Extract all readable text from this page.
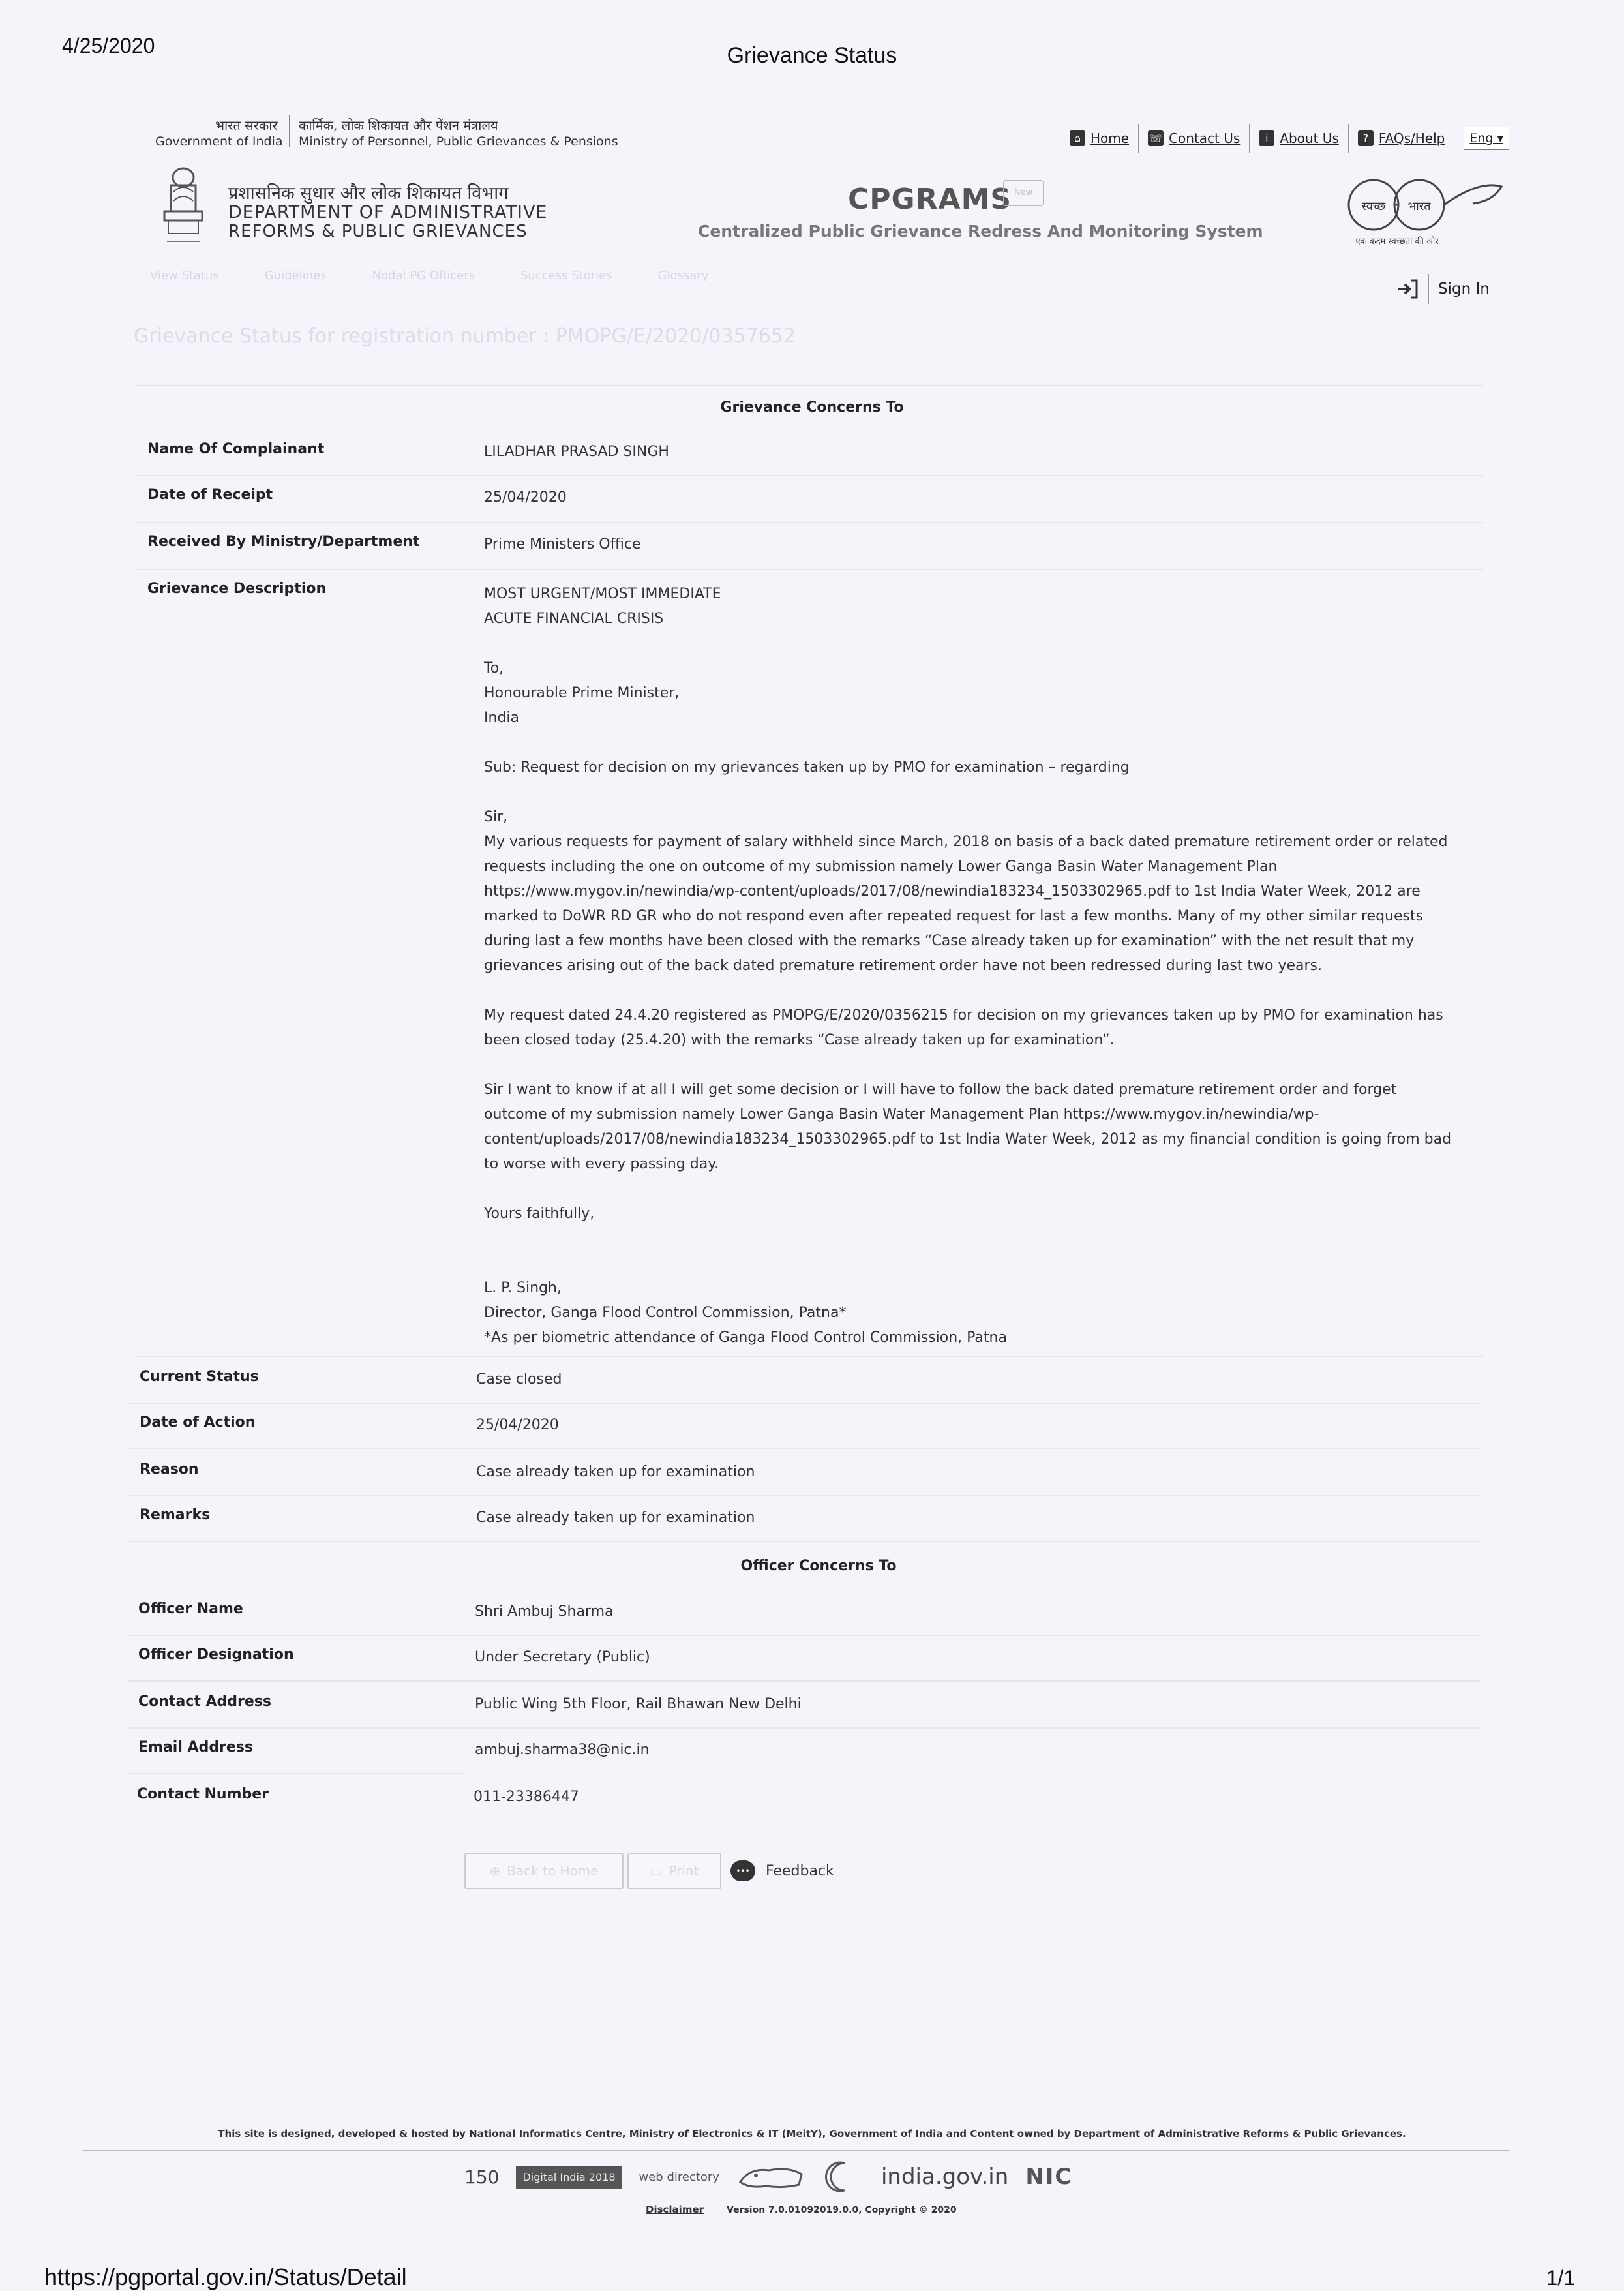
4/25/2020	Grievance Status
भारत सरकार
Government of India
कार्मिक, लोक शिकायत और पेंशन मंत्रालय
Ministry of Personnel, Public Grievances & Pensions	⌂ Home ☏ Contact Us	i About Us	? FAQs/Help	Eng ▾
प्रशासनिक सुधार और लोक शिकायत विभाग
DEPARTMENT OF ADMINISTRATIVE
REFORMS & PUBLIC GRIEVANCES
CPGRAMS New
Centralized Public Grievance Redress And Monitoring System
स्वच्छ भारत
एक कदम स्वच्छता की ओर
View Status	Guidelines	Nodal PG Officers	Success Stories	Glossary
Sign In
Grievance Status for registration number : PMOPG/E/2020/0357652
Grievance Concerns To
Name Of Complainant	LILADHAR PRASAD SINGH
Date of Receipt	25/04/2020
Received By Ministry/Department	Prime Ministers Office
Grievance Description	MOST URGENT/MOST IMMEDIATE

ACUTE FINANCIAL CRISIS

To,

Honourable Prime Minister,

India

Sub: Request for decision on my grievances taken up by PMO for examination – regarding

Sir,

My various requests for payment of salary withheld since March, 2018 on basis of a back dated premature retirement order or related requests including the one on outcome of my submission namely Lower Ganga Basin Water Management Plan https://www.mygov.in/newindia/wp-content/uploads/2017/08/newindia183234_1503302965.pdf to 1st India Water Week, 2012 are marked to DoWR RD GR who do not respond even after repeated request for last a few months. Many of my other similar requests during last a few months have been closed with the remarks “Case already taken up for examination” with the net result that my grievances arising out of the back dated premature retirement order have not been redressed during last two years.

My request dated 24.4.20 registered as PMOPG/E/2020/0356215 for decision on my grievances taken up by PMO for examination has been closed today (25.4.20) with the remarks “Case already taken up for examination”.

Sir I want to know if at all I will get some decision or I will have to follow the back dated premature retirement order and forget outcome of my submission namely Lower Ganga Basin Water Management Plan https://www.mygov.in/newindia/wp-content/uploads/2017/08/newindia183234_1503302965.pdf to 1st India Water Week, 2012 as my financial condition is going from bad to worse with every passing day.

Yours faithfully,

L. P. Singh,

Director, Ganga Flood Control Commission, Patna*

*As per biometric attendance of Ganga Flood Control Commission, Patna

Current Status	Case closed
Date of Action	25/04/2020
Reason	Case already taken up for examination
Remarks	Case already taken up for examination
Officer Concerns To
Officer Name	Shri Ambuj Sharma
Officer Designation	Under Secretary (Public)
Contact Address	Public Wing 5th Floor, Rail Bhawan New Delhi
Email Address	ambuj.sharma38@nic.in
Contact Number	011-23386447
⊕ Back to Home	▭ Print	•••	Feedback
This site is designed, developed & hosted by National Informatics Centre, Ministry of Electronics & IT (MeitY), Government of India and Content owned by Department of Administrative Reforms & Public Grievances.
150	Digital India 2018	web directory	india.gov.in NIC
Disclaimer Version 7.0.01092019.0.0, Copyright © 2020
https://pgportal.gov.in/Status/Detail	1/1
